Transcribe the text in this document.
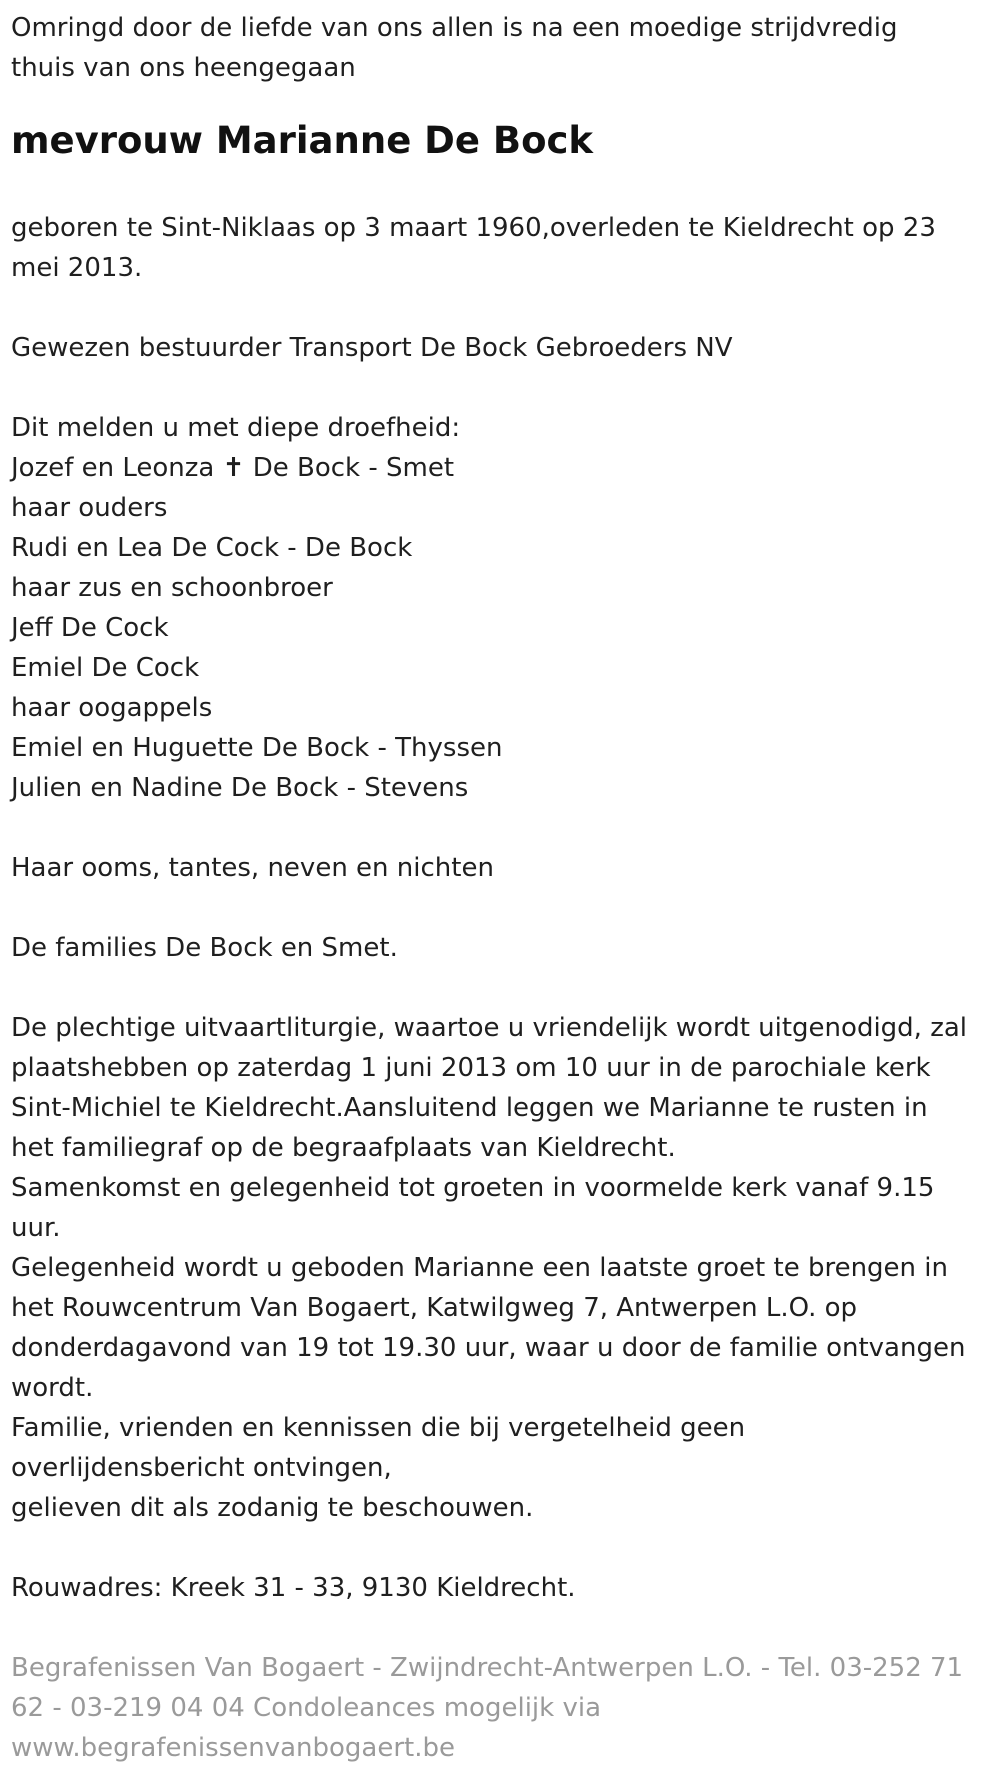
Omringd door de liefde van ons allen is na een moedige strijdvredig

thuis van ons heengegaan

mevrouw Marianne De Bock

geboren te Sint-Niklaas op 3 maart 1960,overleden te Kieldrecht op 23

mei 2013.

Gewezen bestuurder Transport De Bock Gebroeders NV

Dit melden u met diepe droefheid:

Jozef en Leonza ✝ De Bock - Smet

haar ouders

Rudi en Lea De Cock - De Bock

haar zus en schoonbroer

Jeff De Cock

Emiel De Cock

haar oogappels

Emiel en Huguette De Bock - Thyssen

Julien en Nadine De Bock - Stevens

Haar ooms, tantes, neven en nichten

De families De Bock en Smet.

De plechtige uitvaartliturgie, waartoe u vriendelijk wordt uitgenodigd, zal

plaatshebben op zaterdag 1 juni 2013 om 10 uur in de parochiale kerk

Sint-Michiel te Kieldrecht.Aansluitend leggen we Marianne te rusten in

het familiegraf op de begraafplaats van Kieldrecht.

Samenkomst en gelegenheid tot groeten in voormelde kerk vanaf 9.15

uur.

Gelegenheid wordt u geboden Marianne een laatste groet te brengen in

het Rouwcentrum Van Bogaert, Katwilgweg 7, Antwerpen L.O. op

donderdagavond van 19 tot 19.30 uur, waar u door de familie ontvangen

wordt.

Familie, vrienden en kennissen die bij vergetelheid geen

overlijdensbericht ontvingen,

gelieven dit als zodanig te beschouwen.

Rouwadres: Kreek 31 - 33, 9130 Kieldrecht.

Begrafenissen Van Bogaert - Zwijndrecht-Antwerpen L.O. - Tel. 03-252 71

62 - 03-219 04 04 Condoleances mogelijk via

www.begrafenissenvanbogaert.be
